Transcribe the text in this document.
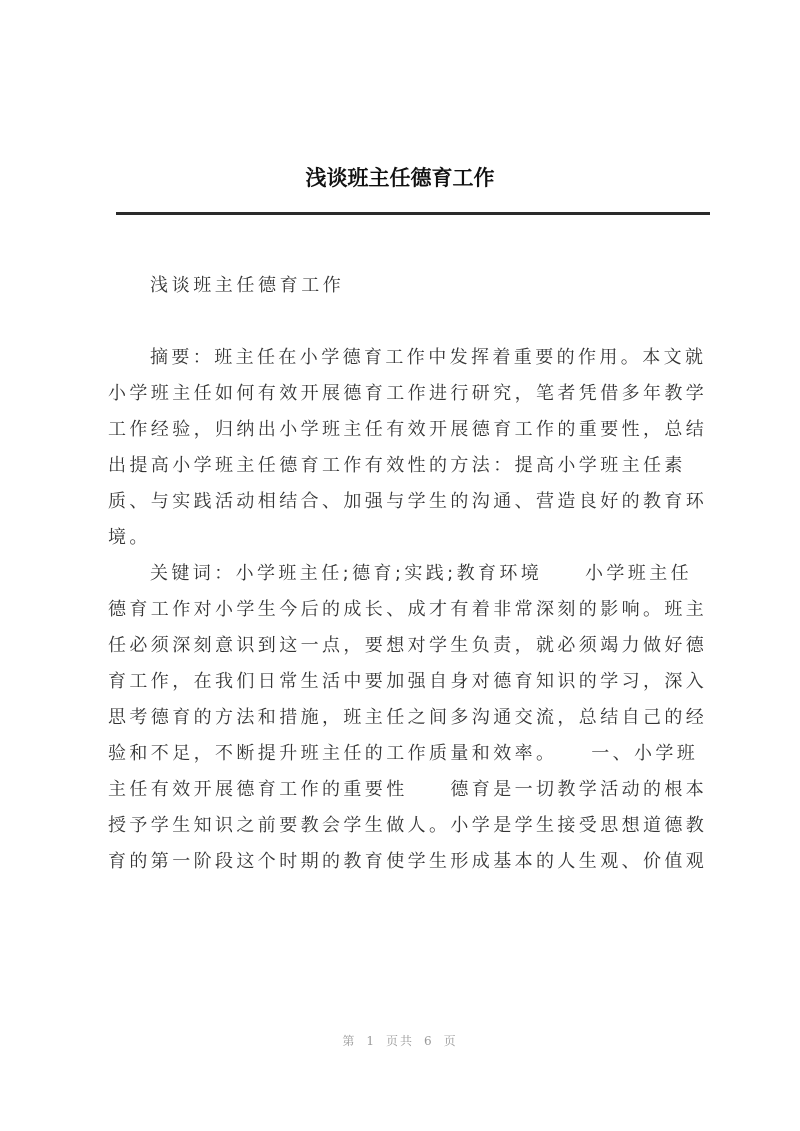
浅谈班主任德育工作

浅谈班主任德育工作

摘要：班主任在小学德育工作中发挥着重要的作用。本文就
小学班主任如何有效开展德育工作进行研究，笔者凭借多年教学
工作经验，归纳出小学班主任有效开展德育工作的重要性，总结
出提高小学班主任德育工作有效性的方法：提高小学班主任素
质、与实践活动相结合、加强与学生的沟通、营造良好的教育环
境。
关键词：小学班主任;德育;实践;教育环境　　小学班主任
德育工作对小学生今后的成长、成才有着非常深刻的影响。班主
任必须深刻意识到这一点，要想对学生负责，就必须竭力做好德
育工作，在我们日常生活中要加强自身对德育知识的学习，深入
思考德育的方法和措施，班主任之间多沟通交流，总结自己的经
验和不足，不断提升班主任的工作质量和效率。　　一、小学班
主任有效开展德育工作的重要性　　德育是一切教学活动的根本
授予学生知识之前要教会学生做人。小学是学生接受思想道德教
育的第一阶段这个时期的教育使学生形成基本的人生观、价值观
第 1 页共 6 页
